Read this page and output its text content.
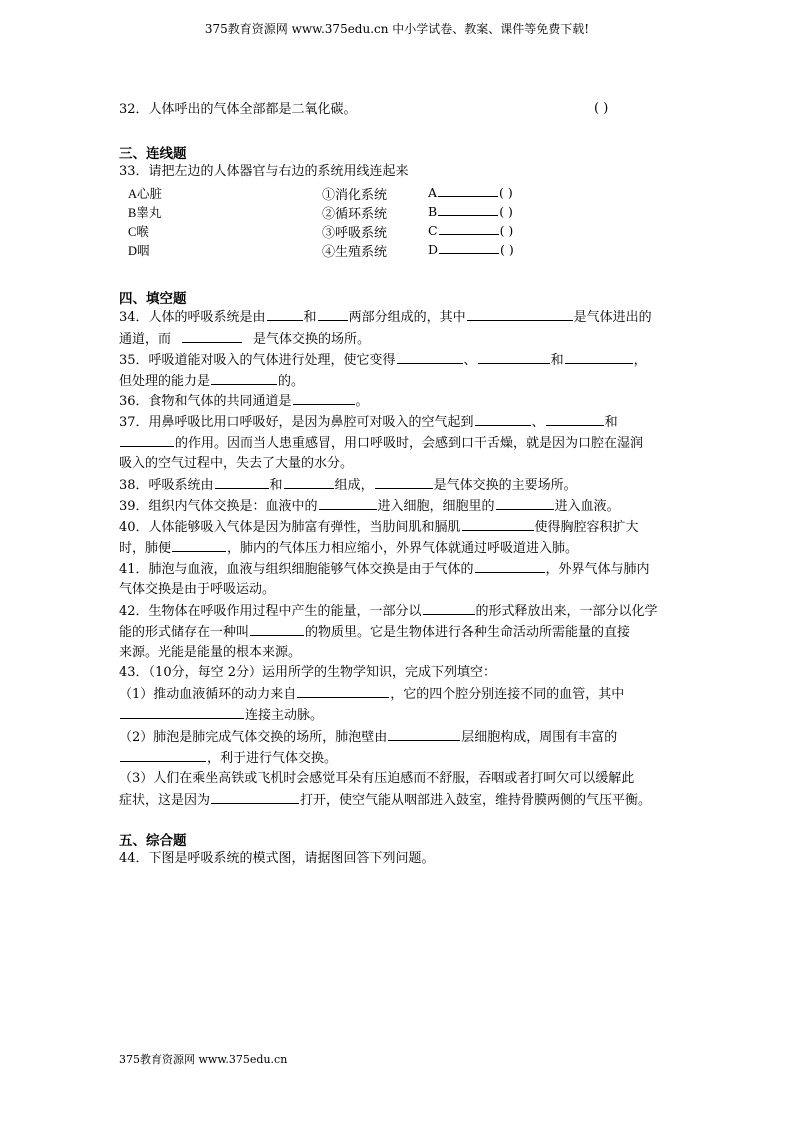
375教育资源网 www.375edu.cn 中小学试卷、教案、课件等免费下载!
32．人体呼出的气体全部都是二氧化碳。	( )
三、连线题
33．请把左边的人体器官与右边的系统用线连起来
A心脏	①消化系统	A	( )
B睾丸	②循环系统	B	( )
C喉	③呼吸系统	C	( )
D咽	④生殖系统	D	( )
四、填空题
34．人体的呼吸系统是由	和 两部分组成的，其中	是气体进出的
通道，而	是气体交换的场所。
35．呼吸道能对吸入的气体进行处理，使它变得	、	和	，
但处理的能力是	的。
36．食物和气体的共同通道是	。
37．用鼻呼吸比用口呼吸好，是因为鼻腔可对吸入的空气起到	、	和
的作用。因而当人患重感冒，用口呼吸时，会感到口干舌燥，就是因为口腔在湿润
吸入的空气过程中，失去了大量的水分。
38．呼吸系统由	和	组成，	是气体交换的主要场所。
39．组织内气体交换是：血液中的	进入细胞，细胞里的	进入血液。
40．人体能够吸入气体是因为肺富有弹性，当肋间肌和膈肌	使得胸腔容积扩大
时，肺便	，肺内的气体压力相应缩小，外界气体就通过呼吸道进入肺。
41．肺泡与血液，血液与组织细胞能够气体交换是由于气体的	，外界气体与肺内
气体交换是由于呼吸运动。
42．生物体在呼吸作用过程中产生的能量，一部分以	的形式释放出来，一部分以化学
能的形式储存在一种叫	的物质里。它是生物体进行各种生命活动所需能量的直接
来源。光能是能量的根本来源。
43．（10分，每空 2分）运用所学的生物学知识，完成下列填空：
（1）推动血液循环的动力来自	，它的四个腔分别连接不同的血管，其中
连接主动脉。
（2）肺泡是肺完成气体交换的场所，肺泡壁由	层细胞构成，周围有丰富的
，利于进行气体交换。
（3）人们在乘坐高铁或飞机时会感觉耳朵有压迫感而不舒服，吞咽或者打呵欠可以缓解此
症状，这是因为	打开，使空气能从咽部进入鼓室，维持骨膜两侧的气压平衡。
五、综合题
44．下图是呼吸系统的模式图，请据图回答下列问题。
375教育资源网 www.375edu.cn
